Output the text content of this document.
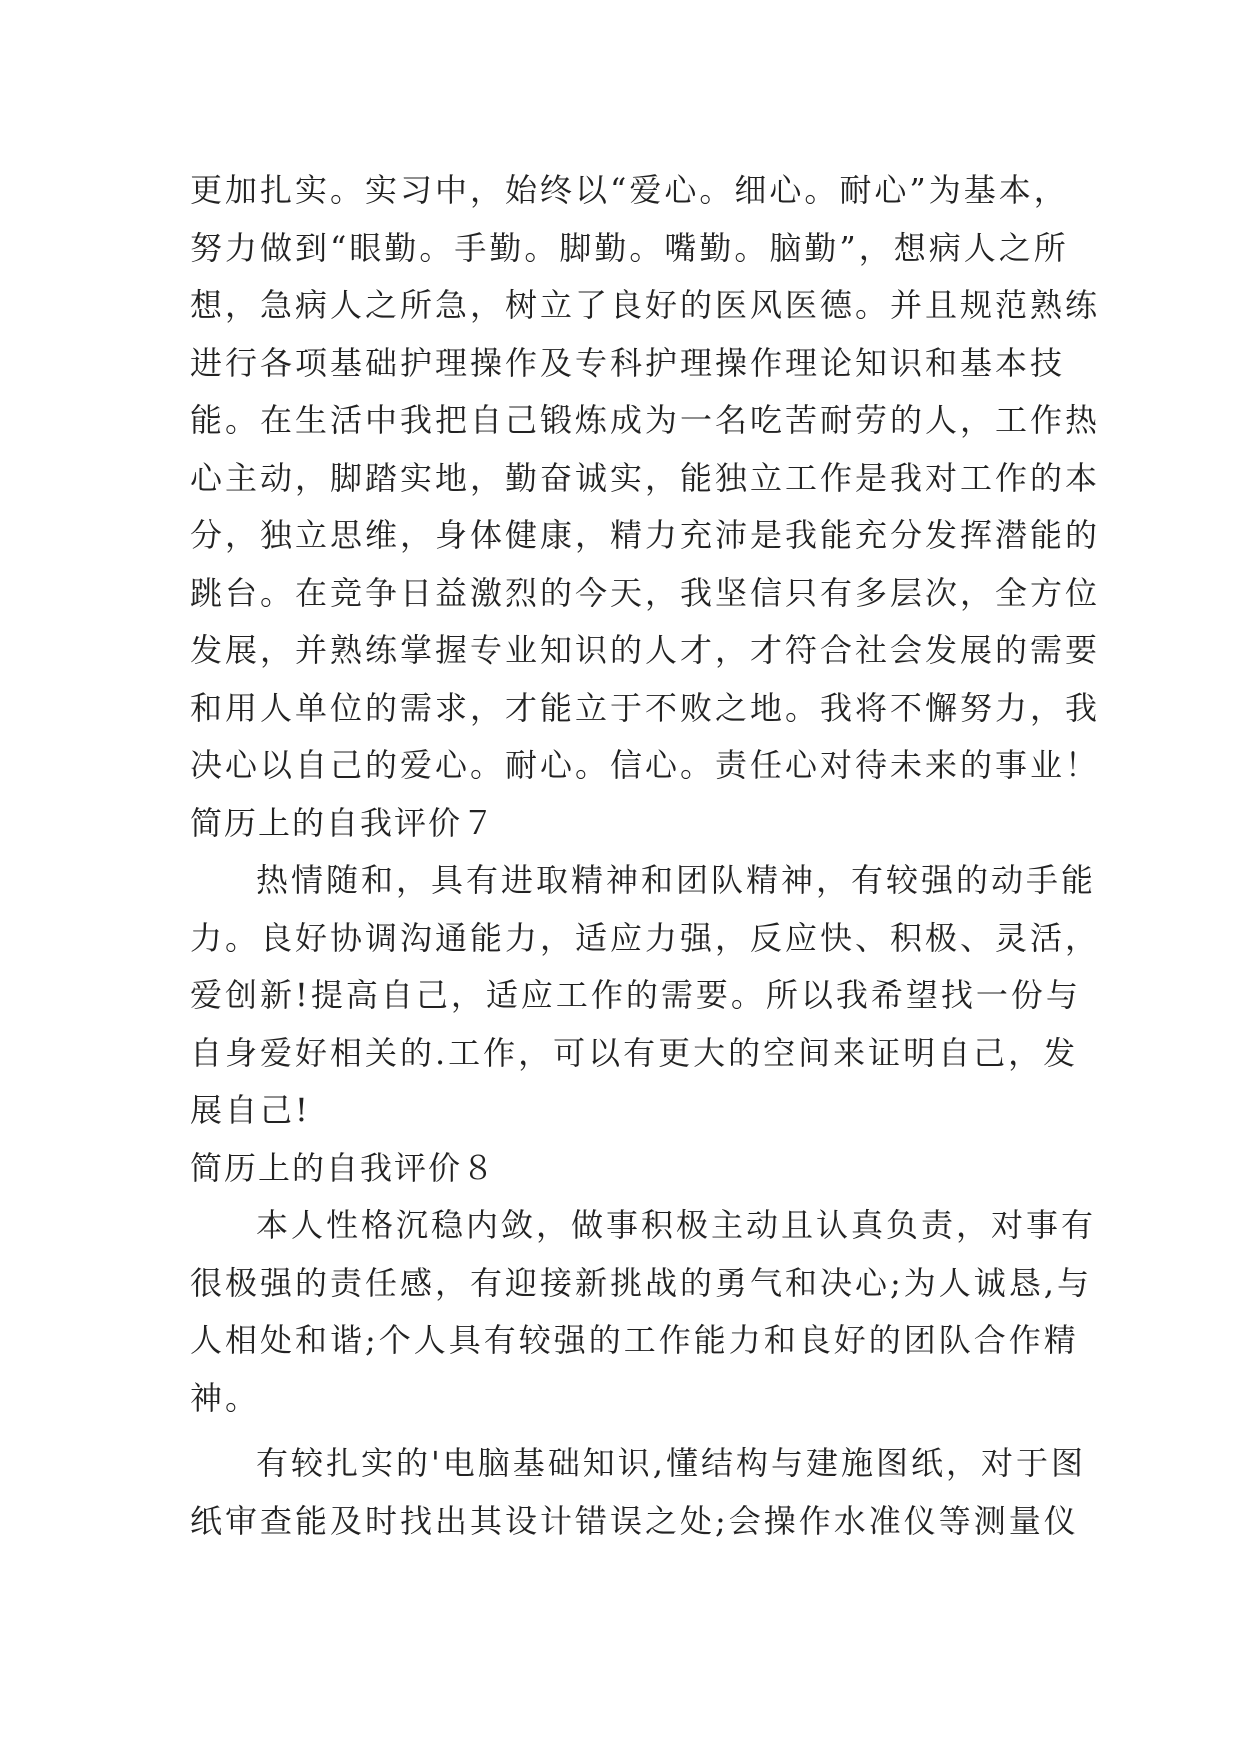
更加扎实。实习中，始终以“爱心。细心。耐心”为基本，
努力做到“眼勤。手勤。脚勤。嘴勤。脑勤”，想病人之所
想，急病人之所急，树立了良好的医风医德。并且规范熟练
进行各项基础护理操作及专科护理操作理论知识和基本技
能。在生活中我把自己锻炼成为一名吃苦耐劳的人，工作热
心主动，脚踏实地，勤奋诚实，能独立工作是我对工作的本
分，独立思维，身体健康，精力充沛是我能充分发挥潜能的
跳台。在竞争日益激烈的今天，我坚信只有多层次，全方位
发展，并熟练掌握专业知识的人才，才符合社会发展的需要
和用人单位的需求，才能立于不败之地。我将不懈努力，我
决心以自己的爱心。耐心。信心。责任心对待未来的事业！
简历上的自我评价７
热情随和，具有进取精神和团队精神，有较强的动手能
力。良好协调沟通能力，适应力强，反应快、积极、灵活，
爱创新!提高自己，适应工作的需要。所以我希望找一份与
自身爱好相关的.工作，可以有更大的空间来证明自己，发
展自己!
简历上的自我评价８
本人性格沉稳内敛，做事积极主动且认真负责，对事有
很极强的责任感，有迎接新挑战的勇气和决心;为人诚恳,与
人相处和谐;个人具有较强的工作能力和良好的团队合作精
神。
有较扎实的'电脑基础知识,懂结构与建施图纸，对于图
纸审查能及时找出其设计错误之处;会操作水准仪等测量仪
